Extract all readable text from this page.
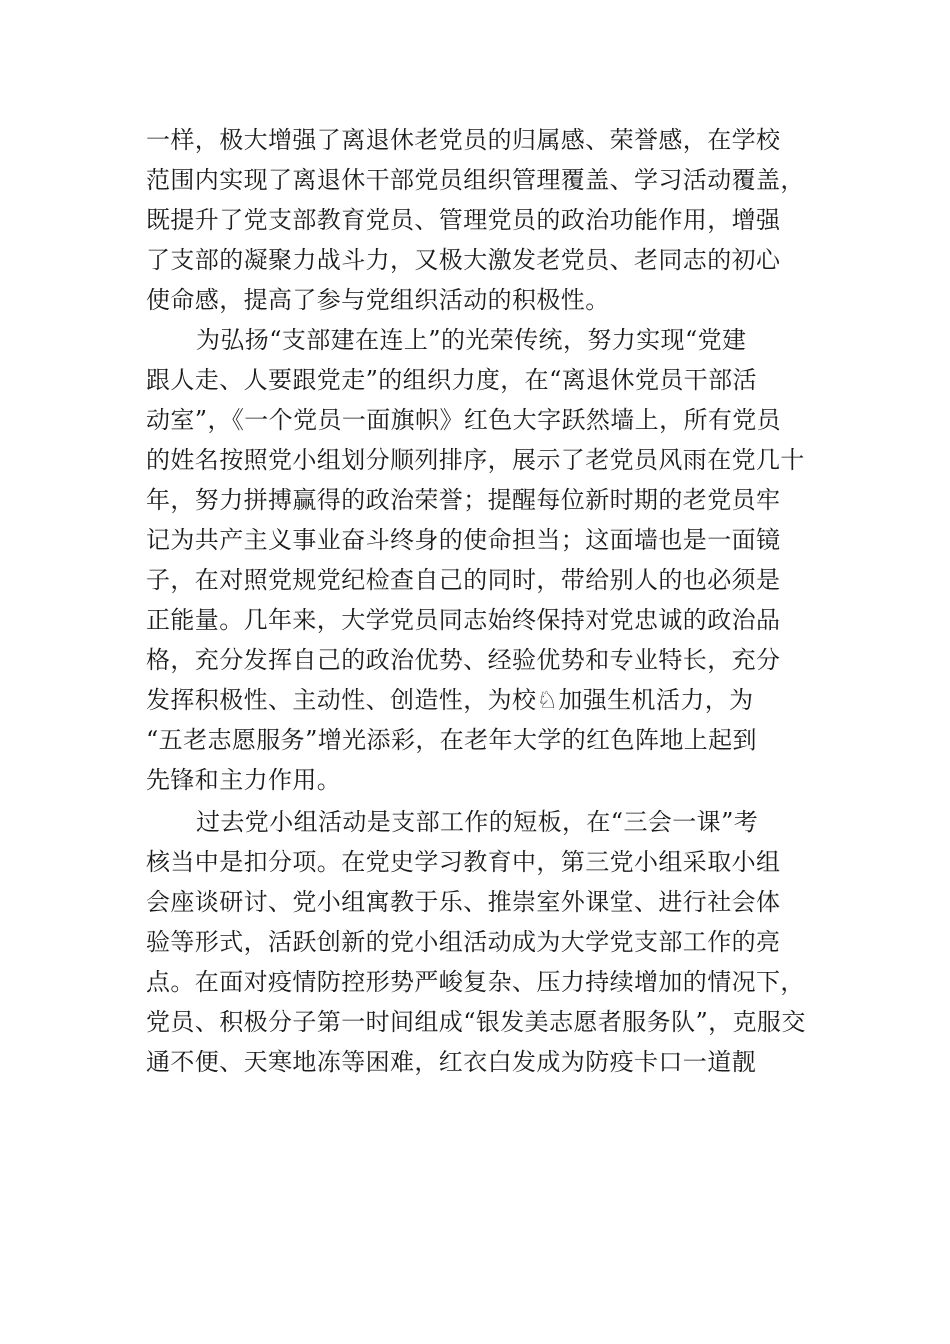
一样，极大增强了离退休老党员的归属感、荣誉感，在学校
范围内实现了离退休干部党员组织管理覆盖、学习活动覆盖，
既提升了党支部教育党员、管理党员的政治功能作用，增强
了支部的凝聚力战斗力，又极大激发老党员、老同志的初心
使命感，提高了参与党组织活动的积极性。
为弘扬“支部建在连上”的光荣传统，努力实现“党建
跟人走、人要跟党走”的组织力度，在“离退休党员干部活
动室”，《一个党员一面旗帜》红色大字跃然墙上，所有党员
的姓名按照党小组划分顺列排序，展示了老党员风雨在党几十
年，努力拼搏赢得的政治荣誉；提醒每位新时期的老党员牢
记为共产主义事业奋斗终身的使命担当；这面墙也是一面镜
子，在对照党规党纪检查自己的同时，带给别人的也必须是
正能量。几年来，大学党员同志始终保持对党忠诚的政治品
格，充分发挥自己的政治优势、经验优势和专业特长，充分
发挥积极性、主动性、创造性，为校♘加强生机活力，为
“五老志愿服务”增光添彩，在老年大学的红色阵地上起到
先锋和主力作用。
过去党小组活动是支部工作的短板，在“三会一课”考
核当中是扣分项。在党史学习教育中，第三党小组采取小组
会座谈研讨、党小组寓教于乐、推崇室外课堂、进行社会体
验等形式，活跃创新的党小组活动成为大学党支部工作的亮
点。在面对疫情防控形势严峻复杂、压力持续增加的情况下，
党员、积极分子第一时间组成“银发美志愿者服务队”，克服交
通不便、天寒地冻等困难，红衣白发成为防疫卡口一道靓
